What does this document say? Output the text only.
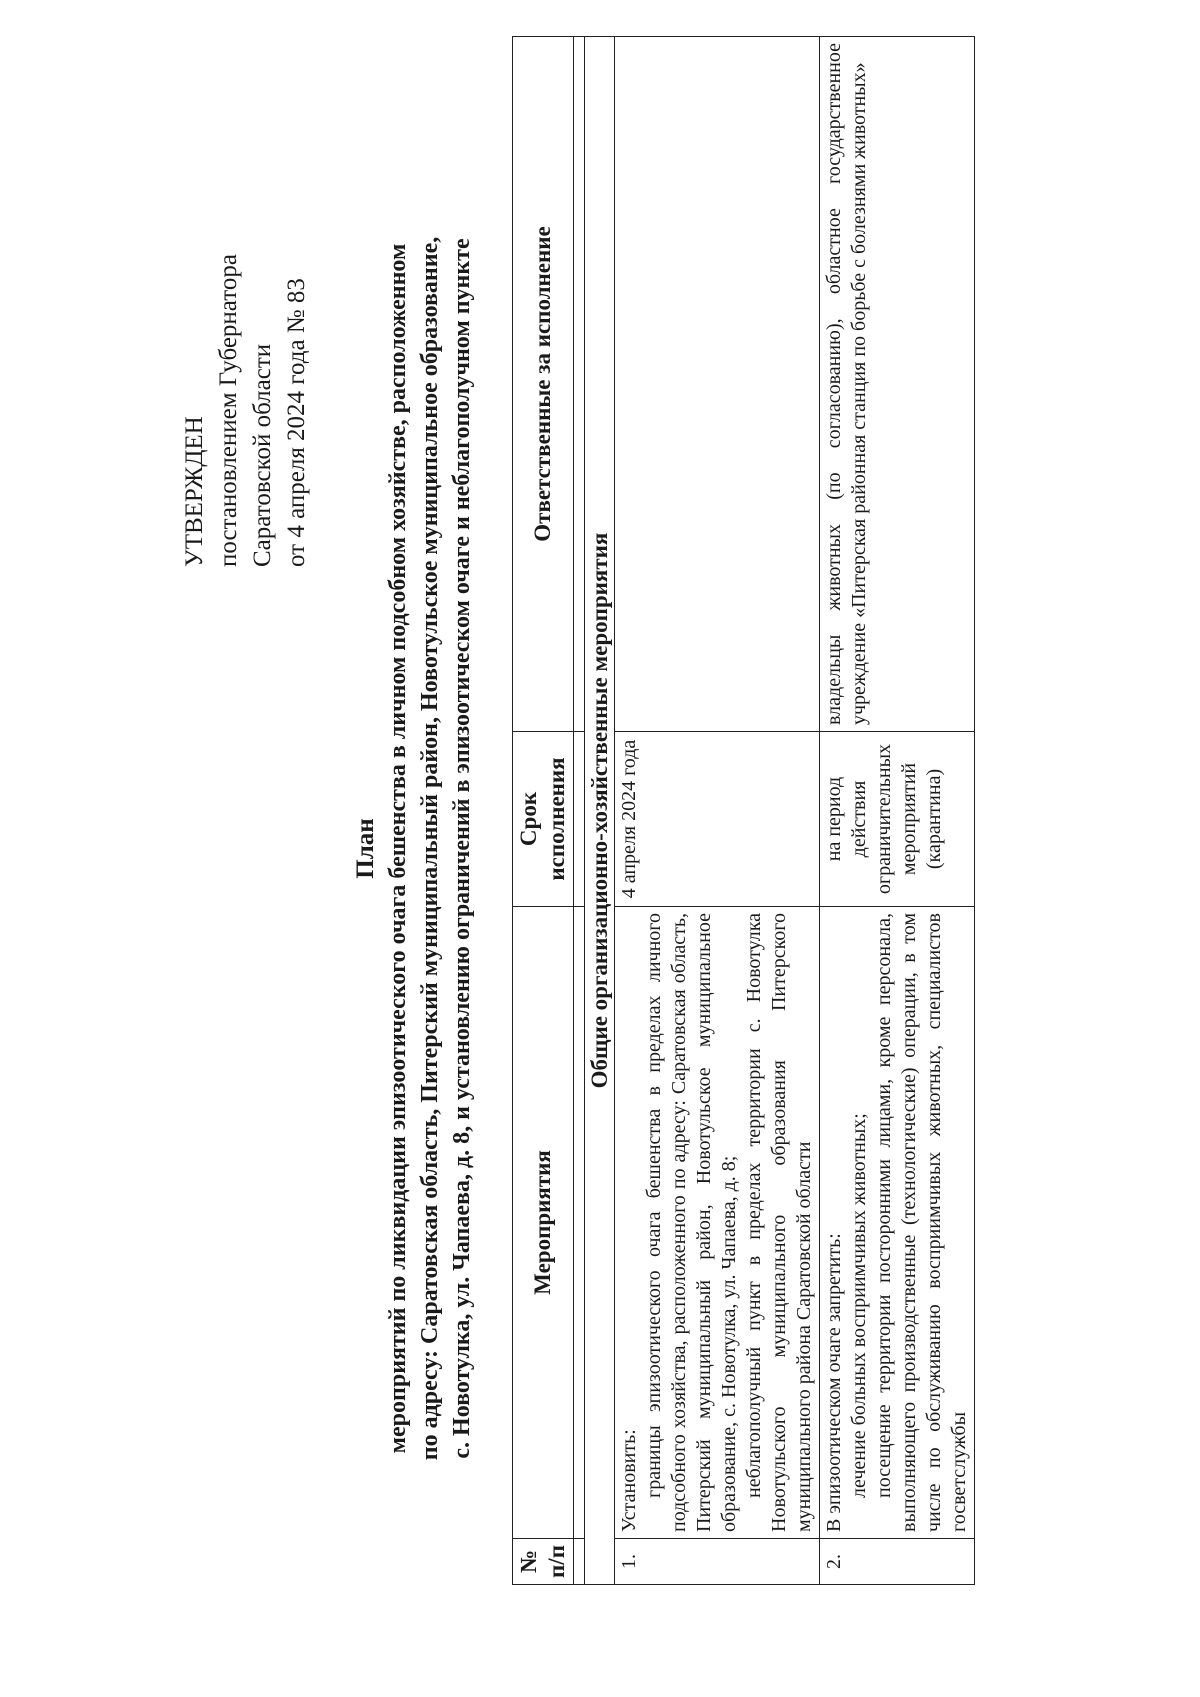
УТВЕРЖДЕН постановлением Губернатора Саратовской области от 4 апреля 2024 года № 83
План мероприятий по ликвидации эпизоотического очага бешенства в личном подсобном хозяйстве, расположенном по адресу: Саратовская область, Питерский муниципальный район, Новотульское муниципальное образование, с. Новотулка, ул. Чапаева, д. 8, и установлению ограничений в эпизоотическом очаге и неблагополучном пункте
№ п/п	Мероприятия	Срок исполнения	Ответственные за исполнение

Общие организационно-хозяйственные мероприятия			
1.	Установить: границы эпизоотического очага бешенства в пределах личного подсобного хозяйства, расположенного по адресу: Саратовская область, Питерский муниципальный район, Новотульское муниципальное образование, с. Новотулка, ул. Чапаева, д. 8; неблагополучный пункт в пределах территории с. Новотулка Новотульского муниципального образования Питерского муниципального района Саратовской области	4 апреля 2024 года	
2.	В эпизоотическом очаге запретить: лечение больных восприимчивых животных; посещение территории посторонними лицами, кроме персонала, выполняющего производственные (технологические) операции, в том числе по обслуживанию восприимчивых животных, специалистов госветслужбы	на период действия ограничительных мероприятий (карантина)	владельцы животных (по согласованию), областное государственное учреждение «Питерская районная станция по борьбе с болезнями животных»
